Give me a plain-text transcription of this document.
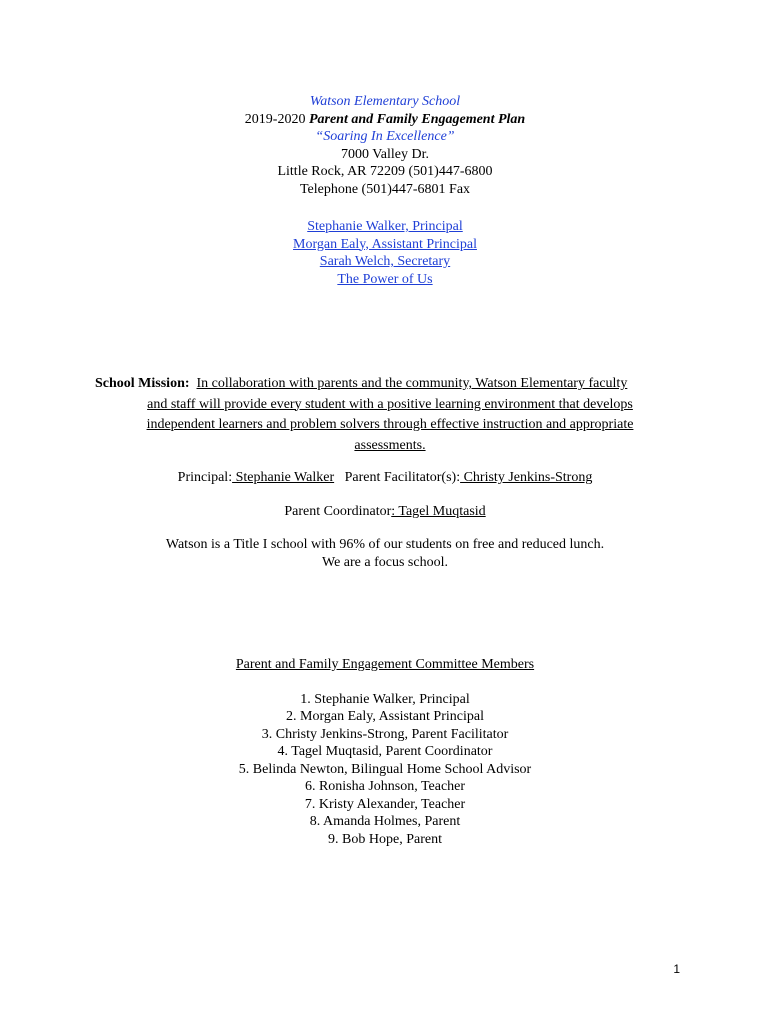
Watson Elementary School
2019-2020 Parent and Family Engagement Plan
“Soaring In Excellence”
7000 Valley Dr.
Little Rock, AR 72209 (501)447-6800
Telephone (501)447-6801 Fax
Stephanie Walker, Principal
Morgan Ealy, Assistant Principal
Sarah Welch, Secretary
The Power of Us
School Mission: In collaboration with parents and the community, Watson Elementary faculty
and staff will provide every student with a positive learning environment that develops
independent learners and problem solvers through effective instruction and appropriate
assessments.
Principal: Stephanie Walker Parent Facilitator(s): Christy Jenkins-Strong
Parent Coordinator: Tagel Muqtasid
Watson is a Title I school with 96% of our students on free and reduced lunch.
We are a focus school.
Parent and Family Engagement Committee Members
1. Stephanie Walker, Principal
2. Morgan Ealy, Assistant Principal
3. Christy Jenkins-Strong, Parent Facilitator
4. Tagel Muqtasid, Parent Coordinator
5. Belinda Newton, Bilingual Home School Advisor
6. Ronisha Johnson, Teacher
7. Kristy Alexander, Teacher
8. Amanda Holmes, Parent
9. Bob Hope, Parent
1
